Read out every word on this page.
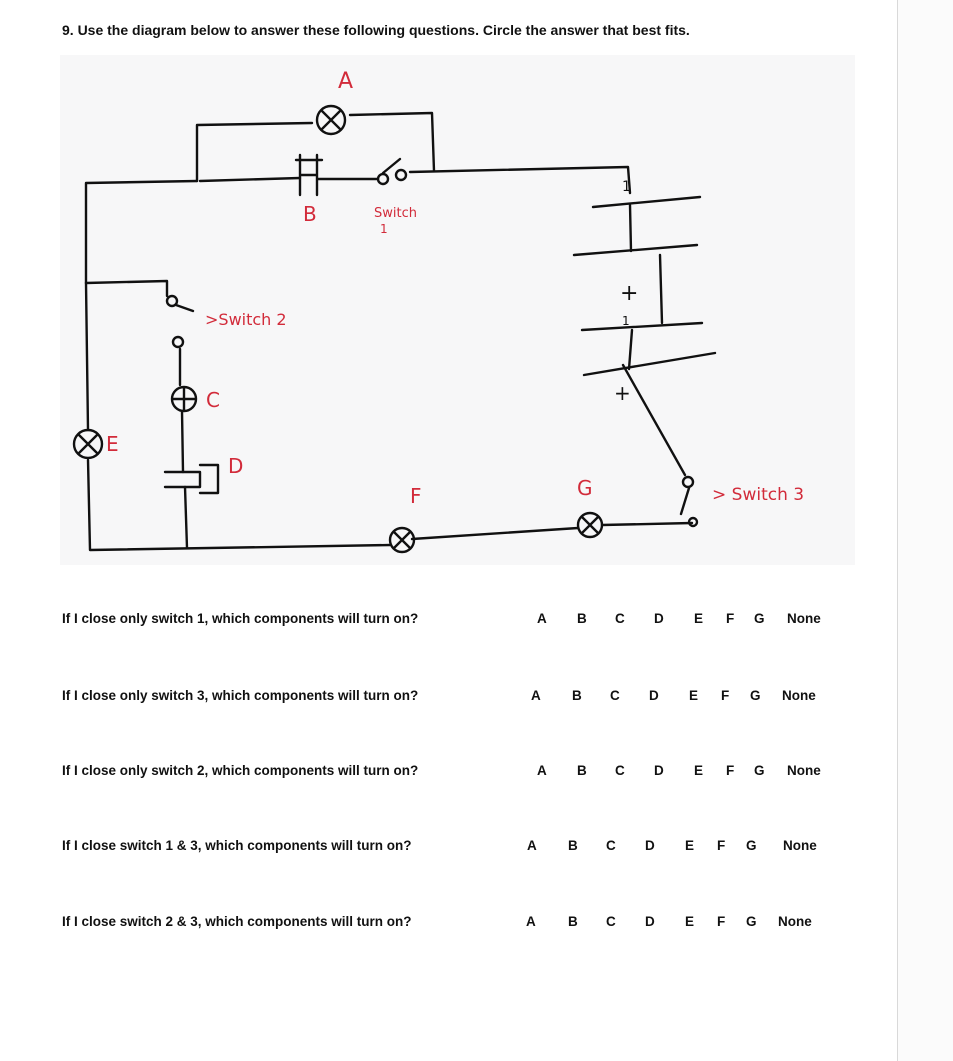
9. Use the diagram below to answer these following questions. Circle the answer that best fits.
1
+
1
+
A
B	Switch
1
>Switch 2
C
D
E
F	G	> Switch 3
If I close only switch 1, which components will turn on?	A B C D E F G None
If I close only switch 3, which components will turn on?	A B C D E F G None
If I close only switch 2, which components will turn on?	A B C D E F G None
If I close switch 1 & 3, which components will turn on?	A B C D E F G None
If I close switch 2 & 3, which components will turn on?	A B C D E F G None
